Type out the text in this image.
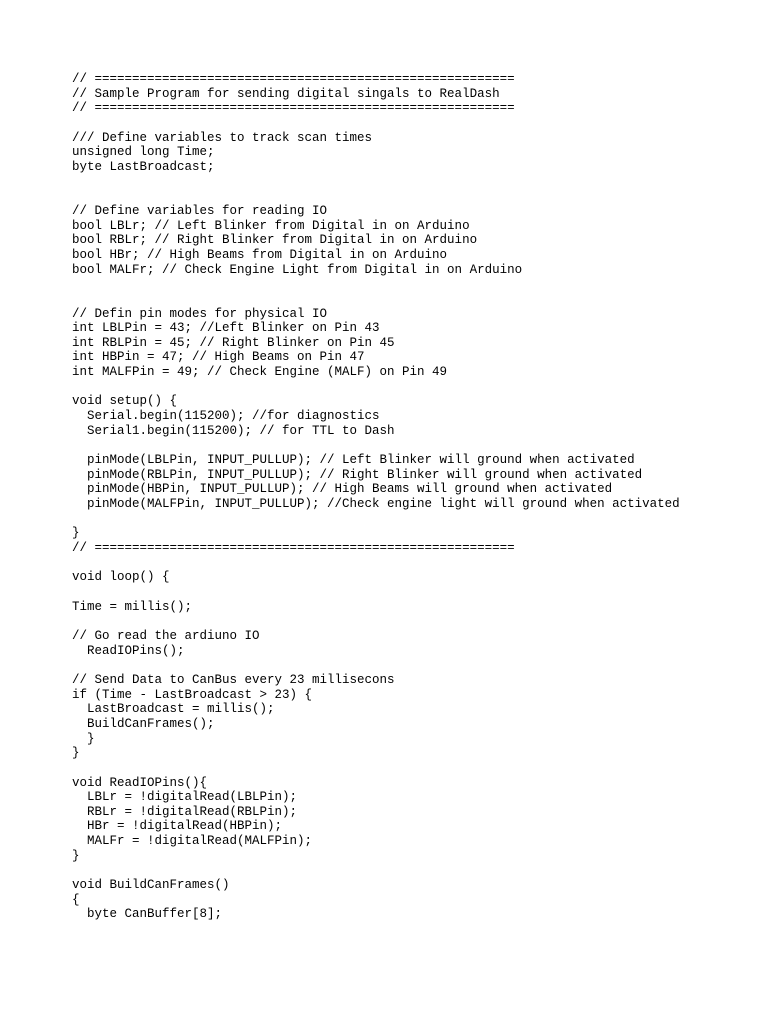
// ========================================================
// Sample Program for sending digital singals to RealDash
// ========================================================
/// Define variables to track scan times
unsigned long Time;
byte LastBroadcast;
// Define variables for reading IO
bool LBLr; // Left Blinker from Digital in on Arduino
bool RBLr; // Right Blinker from Digital in on Arduino
bool HBr; // High Beams from Digital in on Arduino
bool MALFr; // Check Engine Light from Digital in on Arduino
// Defin pin modes for physical IO
int LBLPin = 43; //Left Blinker on Pin 43
int RBLPin = 45; // Right Blinker on Pin 45
int HBPin = 47; // High Beams on Pin 47
int MALFPin = 49; // Check Engine (MALF) on Pin 49
void setup() {
Serial.begin(115200); //for diagnostics
Serial1.begin(115200); // for TTL to Dash
pinMode(LBLPin, INPUT_PULLUP); // Left Blinker will ground when activated
pinMode(RBLPin, INPUT_PULLUP); // Right Blinker will ground when activated
pinMode(HBPin, INPUT_PULLUP); // High Beams will ground when activated
pinMode(MALFPin, INPUT_PULLUP); //Check engine light will ground when activated
}
// ========================================================
void loop() {
Time = millis();
// Go read the ardiuno IO
ReadIOPins();
// Send Data to CanBus every 23 millisecons
if (Time - LastBroadcast > 23) {
LastBroadcast = millis();
BuildCanFrames();
}
}
void ReadIOPins(){
LBLr = !digitalRead(LBLPin);
RBLr = !digitalRead(RBLPin);
HBr = !digitalRead(HBPin);
MALFr = !digitalRead(MALFPin);
}
void BuildCanFrames()
{
byte CanBuffer[8];
